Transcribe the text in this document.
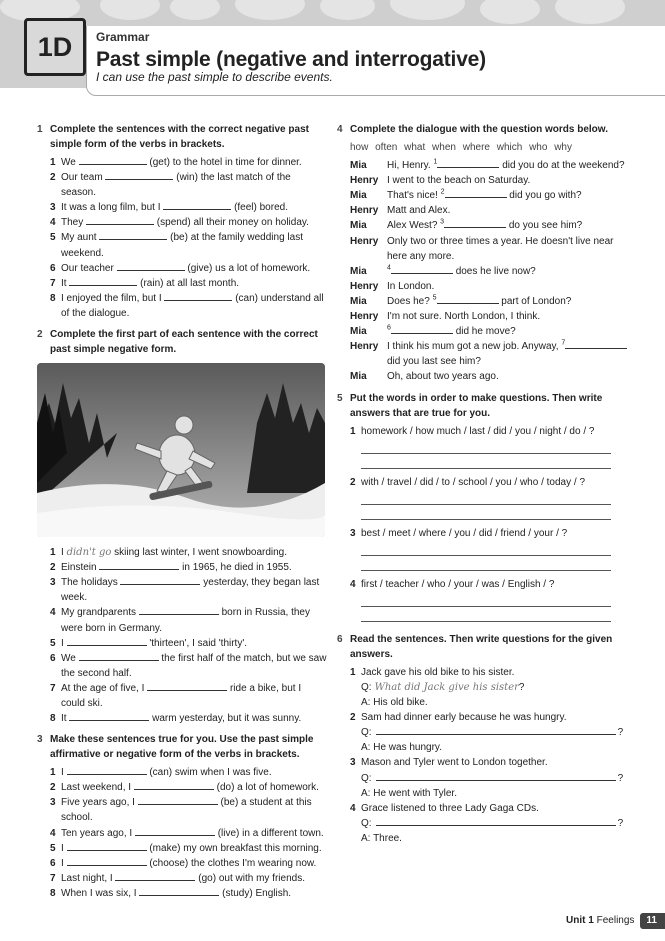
1D	Grammar
Past simple (negative and interrogative)
I can use the past simple to describe events.
1 Complete the sentences with the correct negative past simple form of the verbs in brackets.
1 We	(get) to the hotel in time for dinner.
2 Our team	(win) the last match of the season.
3 It was a long film, but I	(feel) bored.
4 They	(spend) all their money on holiday.
5 My aunt	(be) at the family wedding last weekend.
6 Our teacher	(give) us a lot of homework.
7 It	(rain) at all last month.
8 I enjoyed the film, but I	(can) understand all of the dialogue.
2 Complete the first part of each sentence with the correct past simple negative form.
1 I didn't go skiing last winter, I went snowboarding.
2 Einstein	in 1965, he died in 1955.
3 The holidays	yesterday, they began last week.
4 My grandparents	born in Russia, they were born in Germany.
5 I	'thirteen', I said 'thirty'.
6 We	the first half of the match, but we saw the second half.
7 At the age of five, I	ride a bike, but I could ski.
8 It	warm yesterday, but it was sunny.
3 Make these sentences true for you. Use the past simple affirmative or negative form of the verbs in brackets.
1 I	(can) swim when I was five.
2 Last weekend, I	(do) a lot of homework.
3 Five years ago, I	(be) a student at this school.
4 Ten years ago, I	(live) in a different town.
5 I	(make) my own breakfast this morning.
6 I	(choose) the clothes I'm wearing now.
7 Last night, I	(go) out with my friends.
8 When I was six, I	(study) English.
4 Complete the dialogue with the question words below.
how often what when where which who why
Mia	Hi, Henry. $^1$	did you do at the weekend?
Henry I went to the beach on Saturday.
Mia	That's nice! $^2$	did you go with?
Henry Matt and Alex.
Mia	Alex West? $^3$	do you see him?
Henry Only two or three times a year. He doesn't live near here any more.
Mia	$^4$	does he live now?
Henry In London.
Mia	Does he? $^5$	part of London?
Henry I'm not sure. North London, I think.
Mia	$^6$	did he move?
Henry I think his mum got a new job. Anyway, $^7$ did you last see him?
Mia	Oh, about two years ago.
5 Put the words in order to make questions. Then write answers that are true for you.
1 homework / how much / last / did / you / night / do / ?
2 with / travel / did / to / school / you / who / today / ?
3 best / meet / where / you / did / friend / your / ?
4 first / teacher / who / your / was / English / ?
6 Read the sentences. Then write questions for the given answers.
1 Jack gave his old bike to his sister.
Q: What did Jack give his sister ?
A: His old bike.
2 Sam had dinner early because he was hungry.
Q:	?
A: He was hungry.
3 Mason and Tyler went to London together.
Q:	?
A: He went with Tyler.
4 Grace listened to three Lady Gaga CDs.
Q:	?
A: Three.
Unit 1 Feelings	11
